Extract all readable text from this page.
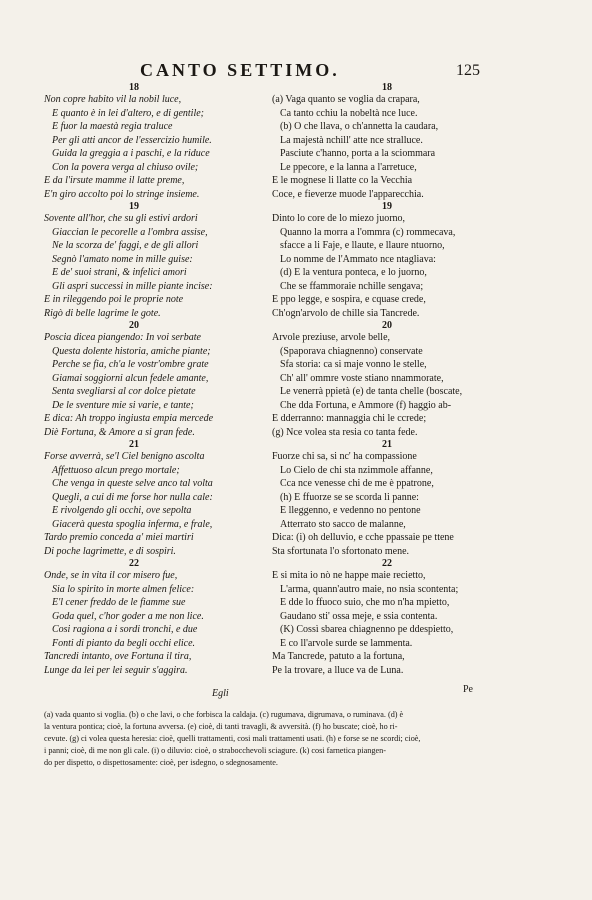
CANTO SETTIMO.	125
18
Non copre habito vil la nobil luce,
E quanto è in lei d'altero, e di gentile;
E fuor la maestà regia traluce
Per gli atti ancor de l'essercizio humile.
Guida la greggia a i paschi, e la riduce
Con la povera verga al chiuso ovile;
E da l'irsute mamme il latte preme,
E'n giro accolto poi lo stringe insieme.
19
Sovente all'hor, che su gli estivi ardori
Giaccian le pecorelle a l'ombra assise,
Ne la scorza de' faggi, e de gli allori
Segnò l'amato nome in mille guise:
E de' suoi strani, & infelici amori
Gli aspri successi in mille piante incise:
E in rileggendo poi le proprie note
Rigò di belle lagrime le gote.
20
Poscia dicea piangendo: In voi serbate
Questa dolente historia, amiche piante;
Perche se fia, ch'a le vostr'ombre grate
Giamai soggiorni alcun fedele amante,
Senta svegliarsi al cor dolce pietate
De le sventure mie si varie, e tante;
E dica: Ah troppo ingiusta empia mercede
Diè Fortuna, & Amore a si gran fede.
21
Forse avverrà, se'l Ciel benigno ascolta
Affettuoso alcun prego mortale;
Che venga in queste selve anco tal volta
Quegli, a cui di me forse hor nulla cale:
E rivolgendo gli occhi, ove sepolta
Giacerà questa spoglia inferma, e frale,
Tardo premio conceda a' miei martiri
Di poche lagrimette, e di sospiri.
22
Onde, se in vita il cor misero fue,
Sia lo spirito in morte almen felice:
E'l cener freddo de le fiamme sue
Goda quel, c'hor goder a me non lice.
Cosi ragiona a i sordi tronchi, e due
Fonti di pianto da begli occhi elice.
Tancredi intanto, ove Fortuna il tira,
Lunge da lei per lei seguir s'aggira.
18
(a) Vaga quanto se voglia da crapara,
Ca tanto cchiu la nobeltà nce luce.
(b) O che llava, o ch'annetta la caudara,
La majestà nchill' atte nce stralluce.
Pasciute c'hanno, porta a la sciommara
Le ppecore, e la lanna a l'arretuce,
E le mognese li llatte co la Vecchia
Coce, e fieverze muode l'apparecchia.
19
Dinto lo core de lo miezo juorno,
Quanno la morra a l'ommra (c) rommecava,
sfacce a li Faje, e llaute, e llaure ntuorno,
Lo nomme de l'Ammato nce ntagliava:
(d) E la ventura ponteca, e lo juorno,
Che se ffammoraie nchille sengava;
E ppo legge, e sospira, e cquase crede,
Ch'ogn'arvolo de chille sia Tancrede.
20
Arvole preziuse, arvole belle,
(Spaporava chiagnenno) conservate
Sfa storia: ca si maje vonno le stelle,
Ch' all' ommre voste stiano nnammorate,
Le venerrà ppietà (e) de tanta chelle (boscate,
Che dda Fortuna, e Ammore (f) haggio ab-
E dderranno: mannaggia chi le ccrede;
(g) Nce volea sta resia co tanta fede.
21
Fuorze chi sa, si nc' ha compassione
Lo Cielo de chi sta nzimmole affanne,
Cca nce venesse chi de me è ppatrone,
(h) E ffuorze se se scorda li panne:
E lleggenno, e vedenno no pentone
Atterrato sto sacco de malanne,
Dica: (i) oh delluvio, e cche ppassaie pe ttene
Sta sfortunata l'o sfortonato mene.
22
E si mita io nò ne happe maie recietto,
L'arma, quann'autro maie, no nsia scontenta;
E dde lo ffuoco suio, che mo n'ha mpietto,
Gaudano sti' ossa meje, e ssia contenta.
(K) Cossì sbarea chiagnenno pe ddespietto,
E co ll'arvole surde se lammenta.
Ma Tancrede, patuto a la fortuna,
Pe la trovare, a lluce va de Luna.
Egli	Pe
(a) vada quanto si voglia. (b) o che lavi, o che forbisca la caldaja. (c) rugumava, digrumava, o ruminava. (d) è
la ventura pontica; cioè, la fortuna avversa. (e) cioè, di tanti travagli, & avversità. (f) ho buscate; cioè, ho ri-
cevute. (g) ci volea questa heresia: cioè, quelli trattamenti, cosi mali trattamenti usati. (h) e forse se ne scordi; cioè,
i panni; cioè, di me non gli cale. (i) o diluvio: cioè, o strabocchevoli sciagure. (k) cosi farnetica piangen-
do per dispetto, o dispettosamente: cioè, per isdegno, o sdegnosamente.
